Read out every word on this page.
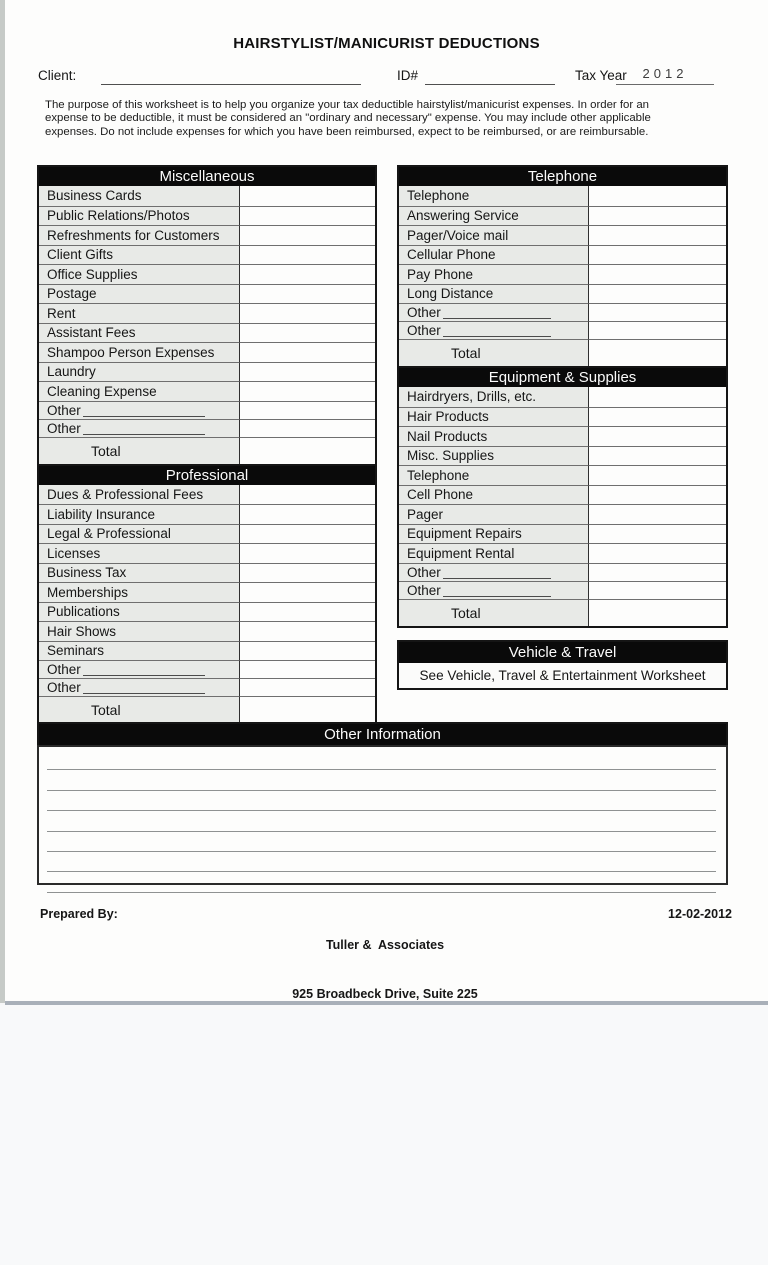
HAIRSTYLIST/MANICURIST DEDUCTIONS
Client:	ID#	Tax Year	2012
The purpose of this worksheet is to help you organize your tax deductible hairstylist/manicurist expenses. In order for an
expense to be deductible, it must be considered an "ordinary and necessary" expense. You may include other applicable
expenses. Do not include expenses for which you have been reimbursed, expect to be reimbursed, or are reimbursable.
Miscellaneous
Business Cards
Public Relations/Photos
Refreshments for Customers
Client Gifts
Office Supplies
Postage
Rent
Assistant Fees
Shampoo Person Expenses
Laundry
Cleaning Expense
Other
Other
Total
Professional
Dues & Professional Fees
Liability Insurance
Legal & Professional
Licenses
Business Tax
Memberships
Publications
Hair Shows
Seminars
Other
Other
Total
Telephone
Telephone
Answering Service
Pager/Voice mail
Cellular Phone
Pay Phone
Long Distance
Other
Other
Total
Equipment & Supplies
Hairdryers, Drills, etc.
Hair Products
Nail Products
Misc. Supplies
Telephone
Cell Phone
Pager
Equipment Repairs
Equipment Rental
Other
Other
Total
Vehicle & Travel
See Vehicle, Travel & Entertainment Worksheet
Other Information
Prepared By:

Tuller &  Associates

925 Broadbeck Drive, Suite 225

12-02-2012
